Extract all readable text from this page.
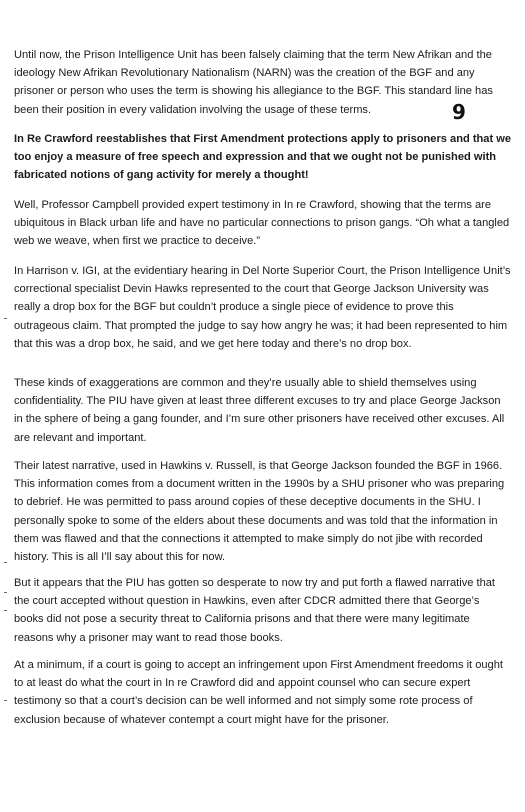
Until now, the Prison Intelligence Unit has been falsely claiming that the term New Afrikan and the ideology New Afrikan Revolutionary Nationalism (NARN) was the creation of the BGF and any prisoner or person who uses the term is showing his allegiance to the BGF. This standard line has been their position in every validation involving the usage of these terms.	9

In Re Crawford reestablishes that First Amendment protections apply to prisoners and that we too enjoy a measure of free speech and expression and that we ought not be punished with fabricated notions of gang activity for merely a thought!

Well, Professor Campbell provided expert testimony in In re Crawford, showing that the terms are ubiquitous in Black urban life and have no particular connections to prison gangs. “Oh what a tangled web we weave, when first we practice to deceive.”

In Harrison v. IGI, at the evidentiary hearing in Del Norte Superior Court, the Prison Intelligence Unit’s correctional specialist Devin Hawks represented to the court that George Jackson University was really a drop box for the BGF but couldn’t produce a single piece of evidence to prove this outrageous claim. That prompted the judge to say how angry he was; it had been represented to him that this was a drop box, he said, and we get here today and there’s no drop box.

These kinds of exaggerations are common and they’re usually able to shield themselves using confidentiality. The PIU have given at least three different excuses to try and place George Jackson in the sphere of being a gang founder, and I’m sure other prisoners have received other excuses. All are relevant and important.

Their latest narrative, used in Hawkins v. Russell, is that George Jackson founded the BGF in 1966. This information comes from a document written in the 1990s by a SHU prisoner who was preparing to debrief. He was permitted to pass around copies of these deceptive documents in the SHU. I personally spoke to some of the elders about these documents and was told that the information in them was flawed and that the connections it attempted to make simply do not jibe with recorded history. This is all I’ll say about this for now.

But it appears that the PIU has gotten so desperate to now try and put forth a flawed narrative that the court accepted without question in Hawkins, even after CDCR admitted there that George’s books did not pose a security threat to California prisons and that there were many legitimate reasons why a prisoner may want to read those books.

At a minimum, if a court is going to accept an infringement upon First Amendment freedoms it ought to at least do what the court in In re Crawford did and appoint counsel who can secure expert testimony so that a court’s decision can be well informed and not simply some rote process of exclusion because of whatever contempt a court might have for the prisoner.
